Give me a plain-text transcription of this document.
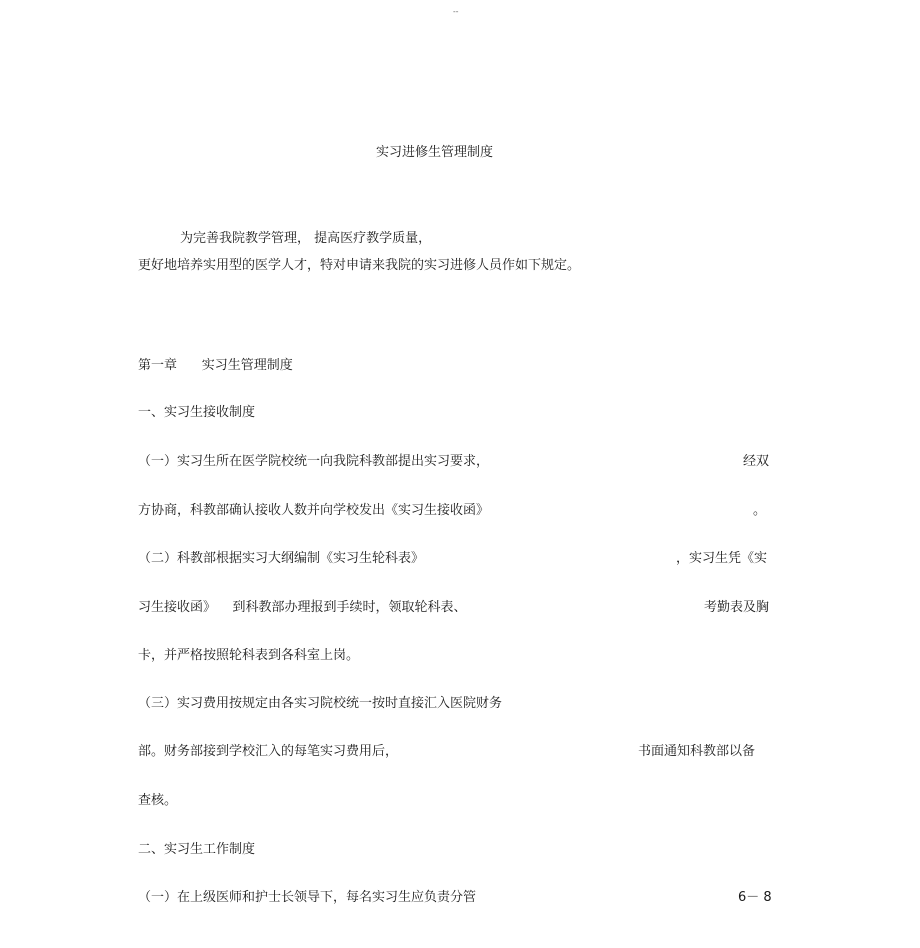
--
实习进修生管理制度
为完善我院教学管理， 提高医疗教学质量，
更好地培养实用型的医学人才，特对申请来我院的实习进修人员作如下规定。
第一章      实习生管理制度
一、实习生接收制度
（一）实习生所在医学院校统一向我院科教部提出实习要求，	经双
方协商，科教部确认接收人数并向学校发出《实习生接收函》	。
（二）科教部根据实习大纲编制《实习生轮科表》	，实习生凭《实
习生接收函》    到科教部办理报到手续时，领取轮科表、	考勤表及胸
卡，并严格按照轮科表到各科室上岗。
（三）实习费用按规定由各实习院校统一按时直接汇入医院财务
部。财务部接到学校汇入的每笔实习费用后，	书面通知科教部以备
查核。
二、实习生工作制度
（一）在上级医师和护士长领导下，每名实习生应负责分管	6－ 8
